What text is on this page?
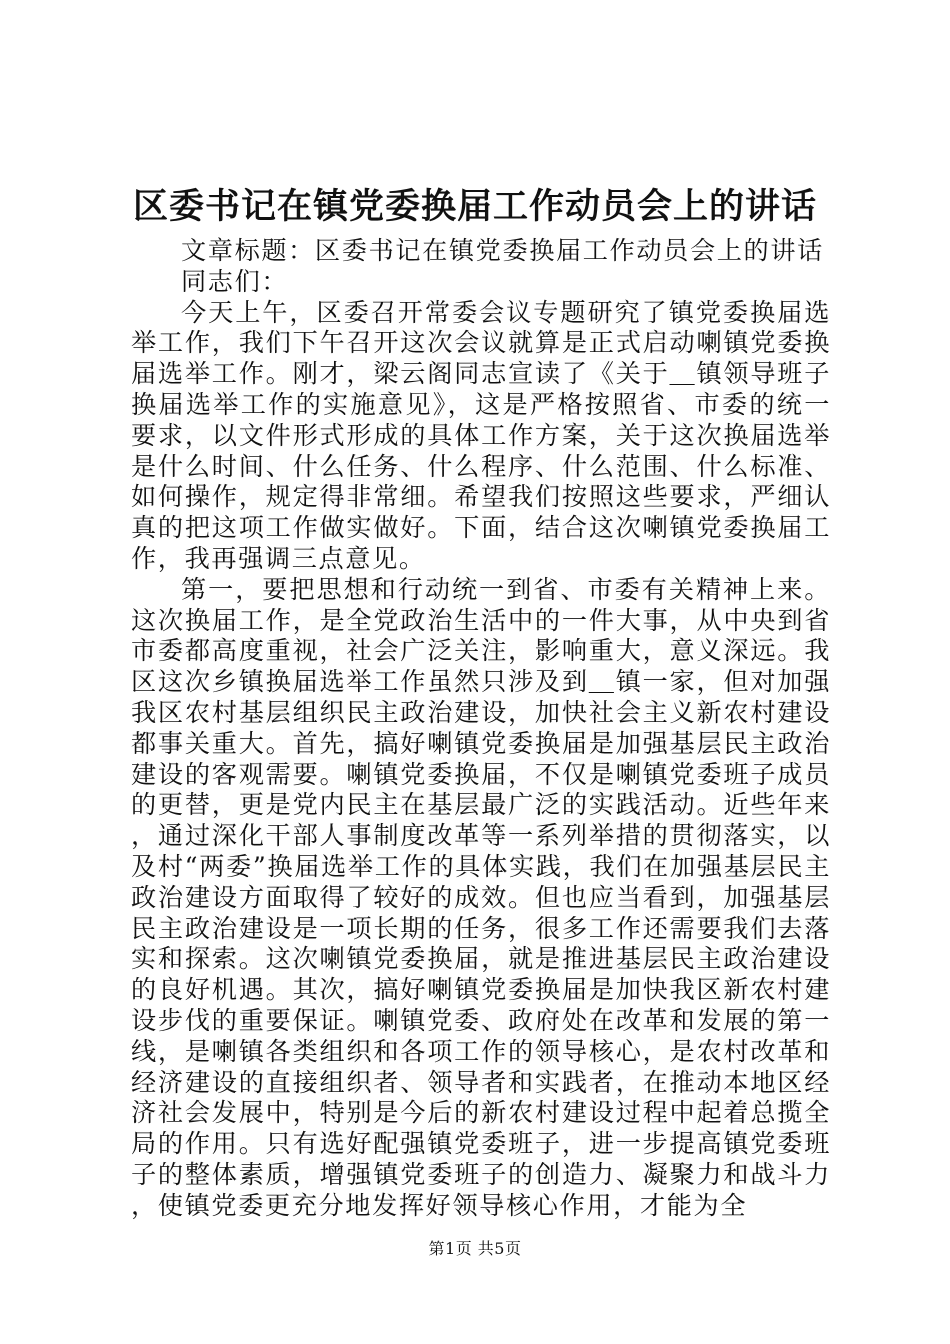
区委书记在镇党委换届工作动员会上的讲话

文章标题：区委书记在镇党委换届工作动员会上的讲话

同志们：

今天上午，区委召开常委会议专题研究了镇党委换届选举工作，我们下午召开这次会议就算是正式启动喇镇党委换届选举工作。刚才，梁云阁同志宣读了《关于＿镇领导班子换届选举工作的实施意见》，这是严格按照省、市委的统一要求，以文件形式形成的具体工作方案，关于这次换届选举是什么时间、什么任务、什么程序、什么范围、什么标准、如何操作，规定得非常细。希望我们按照这些要求，严细认真的把这项工作做实做好。下面，结合这次喇镇党委换届工作，我再强调三点意见。

第一，要把思想和行动统一到省、市委有关精神上来。这次换届工作，是全党政治生活中的一件大事，从中央到省市委都高度重视，社会广泛关注，影响重大，意义深远。我区这次乡镇换届选举工作虽然只涉及到＿镇一家，但对加强我区农村基层组织民主政治建设，加快社会主义新农村建设都事关重大。首先，搞好喇镇党委换届是加强基层民主政治建设的客观需要。喇镇党委换届，不仅是喇镇党委班子成员的更替，更是党内民主在基层最广泛的实践活动。近些年来，通过深化干部人事制度改革等一系列举措的贯彻落实，以及村“两委”换届选举工作的具体实践，我们在加强基层民主政治建设方面取得了较好的成效。但也应当看到，加强基层民主政治建设是一项长期的任务，很多工作还需要我们去落实和探索。这次喇镇党委换届，就是推进基层民主政治建设的良好机遇。其次，搞好喇镇党委换届是加快我区新农村建设步伐的重要保证。喇镇党委、政府处在改革和发展的第一线，是喇镇各类组织和各项工作的领导核心，是农村改革和经济建设的直接组织者、领导者和实践者，在推动本地区经济社会发展中，特别是今后的新农村建设过程中起着总揽全局的作用。只有选好配强镇党委班子，进一步提高镇党委班子的整体素质，增强镇党委班子的创造力、凝聚力和战斗力，使镇党委更充分地发挥好领导核心作用，才能为全

第1页 共5页
